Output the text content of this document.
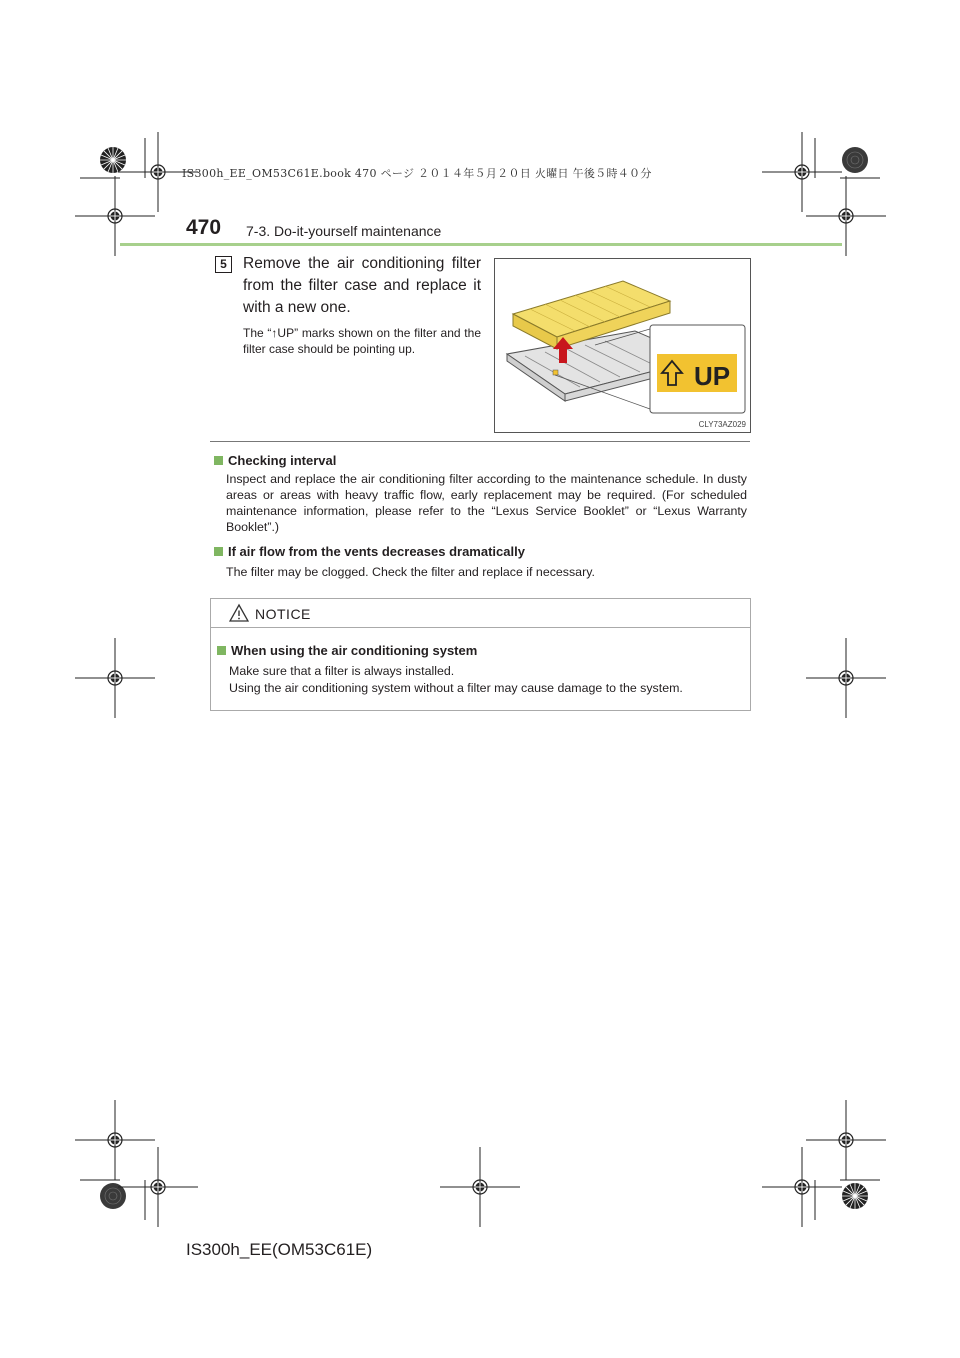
IS300h_EE_OM53C61E.book 470 ページ ２０１４年５月２０日 火曜日 午後５時４０分
470 7-3. Do-it-yourself maintenance
5	Remove the air conditioning filter from the filter case and replace it with a new one.
The “↑UP” marks shown on the filter and the filter case should be pointing up.
UP
CLY73AZ029
Checking interval
Inspect and replace the air conditioning filter according to the maintenance schedule. In dusty areas or areas with heavy traffic flow, early replacement may be required. (For scheduled maintenance information, please refer to the “Lexus Service Booklet” or “Lexus Warranty Booklet”.)
If air flow from the vents decreases dramatically
The filter may be clogged. Check the filter and replace if necessary.
NOTICE
When using the air conditioning system
Make sure that a filter is always installed.
Using the air conditioning system without a filter may cause damage to the system.
IS300h_EE(OM53C61E)
